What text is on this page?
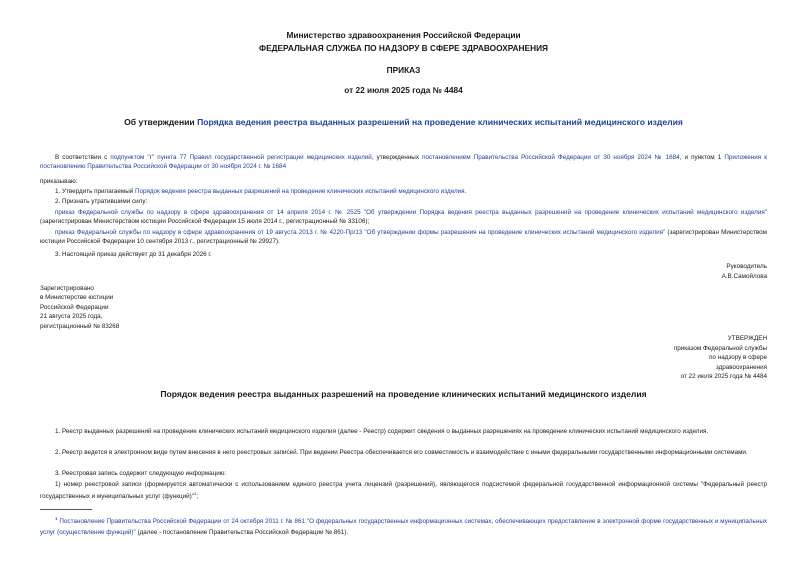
Министерство здравоохранения Российской Федерации
ФЕДЕРАЛЬНАЯ СЛУЖБА ПО НАДЗОРУ В СФЕРЕ ЗДРАВООХРАНЕНИЯ
ПРИКАЗ
от 22 июля 2025 года № 4484
Об утверждении Порядка ведения реестра выданных разрешений на проведение клинических испытаний медицинского изделия
В соответствии с подпунктом "г" пункта 77 Правил государственной регистрации медицинских изделий, утвержденных постановлением Правительства Российской Федерации от 30 ноября 2024 № 1684, и пунктом 1 Приложения к постановлению Правительства Российской Федерации от 30 ноября 2024 г. № 1684
приказываю:
1. Утвердить прилагаемый Порядок ведения реестра выданных разрешений на проведение клинических испытаний медицинского изделия.
2. Признать утратившими силу:
приказ Федеральной службы по надзору в сфере здравоохранения от 14 апреля 2014 г. № 2525 "Об утверждении Порядка ведения реестра выданных разрешений на проведение клинических испытаний медицинского изделия" (зарегистрирован Министерством юстиции Российской Федерации 15 июля 2014 г., регистрационный № 33106);
приказ Федеральной службы по надзору в сфере здравоохранения от 19 августа 2013 г. № 4220-Пр/13 "Об утверждении формы разрешения на проведение клинических испытаний медицинского изделия" (зарегистрирован Министерством юстиции Российской Федерации 10 сентября 2013 г., регистрационный № 29927).
3. Настоящий приказ действует до 31 декабря 2026 г.
Руководитель
А.В.Самойлова
Зарегистрировано
в Министерстве юстиции
Российской Федерации
21 августа 2025 года,
регистрационный № 83268
УТВЕРЖДЕН
приказом Федеральной службы
по надзору в сфере
здравоохранения
от 22 июля 2025 года № 4484
Порядок ведения реестра выданных разрешений на проведение клинических испытаний медицинского изделия
1. Реестр выданных разрешений на проведение клинических испытаний медицинского изделия (далее - Реестр) содержит сведения о выданных разрешениях на проведение клинических испытаний медицинского изделия.
2. Реестр ведется в электронном виде путем внесения в него реестровых записей. При ведении Реестра обеспечивается его совместимость и взаимодействие с иными федеральными государственными информационными системами.
3. Реестровая запись содержит следующую информацию:
1) номер реестровой записи (формируется автоматически с использованием единого реестра учета лицензий (разрешений), являющегося подсистемой федеральной государственной информационной системы "Федеральный реестр государственных и муниципальных услуг (функций)"$^1$;
$^1$ Постановление Правительства Российской Федерации от 24 октября 2011 г. № 861 "О федеральных государственных информационных системах, обеспечивающих предоставление в электронной форме государственных и муниципальных услуг (осуществление функций)" (далее - постановление Правительства Российской Федерации № 861).
